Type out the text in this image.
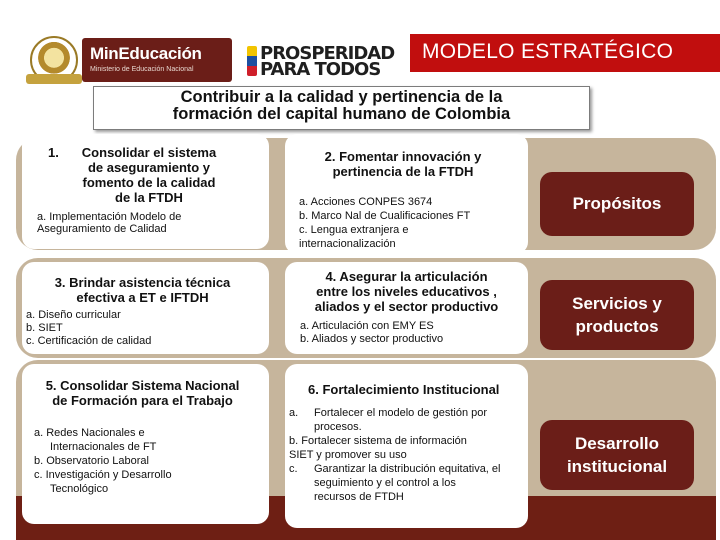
MinEducación
Ministerio de Educación Nacional
PROSPERIDAD
PARA TODOS
MODELO ESTRATÉGICO
Contribuir a la calidad y pertinencia de la
formación del capital humano de Colombia
1.	Consolidar el sistema
de aseguramiento y
fomento de la calidad
de la FTDH
a. Implementación Modelo de
Aseguramiento de Calidad
2. Fomentar innovación y
pertinencia de la FTDH
a. Acciones CONPES 3674
b. Marco Nal de Cualificaciones FT
c. Lengua extranjera e
internacionalización
3. Brindar asistencia técnica
efectiva a ET e IFTDH
a. Diseño curricular
b. SIET
c. Certificación de calidad
4. Asegurar la articulación
entre los niveles educativos ,
aliados y el sector productivo
a. Articulación con EMY ES
b. Aliados y sector productivo
5. Consolidar Sistema Nacional
de Formación para el Trabajo
a. Redes Nacionales e
Internacionales de FT
b. Observatorio Laboral
c. Investigación y Desarrollo
Tecnológico
6. Fortalecimiento Institucional
a.	Fortalecer el modelo de gestión por
procesos.
b. Fortalecer sistema de información
SIET y promover su uso
c.	Garantizar la distribución equitativa, el
seguimiento y el control a los
recursos de FTDH
Propósitos
Servicios y
productos
Desarrollo
institucional
